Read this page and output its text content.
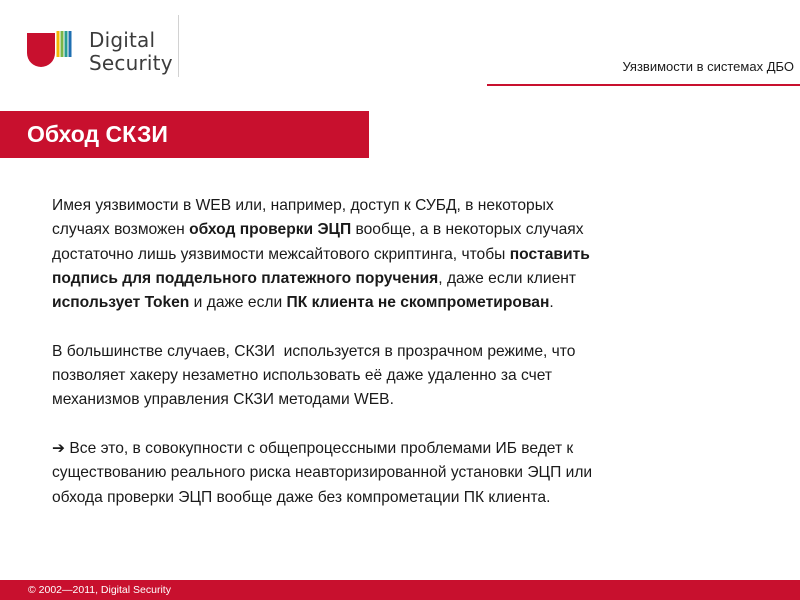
Digital
Security	Уязвимости в системах ДБО
Обход СКЗИ

Имея уязвимости в WEB или, например, доступ к СУБД, в некоторых

случаях возможен обход проверки ЭЦП вообще, а в некоторых случаях

достаточно лишь уязвимости межсайтового скриптинга, чтобы поставить

подпись для поддельного платежного поручения, даже если клиент

использует Token и даже если ПК клиента не скомпрометирован.

В большинстве случаев, СКЗИ  используется в прозрачном режиме, что

позволяет хакеру незаметно использовать её даже удаленно за счет

механизмов управления СКЗИ методами WEB.

➔ Все это, в совокупности с общепроцессными проблемами ИБ ведет к

существованию реального риска неавторизированной установки ЭЦП или

обхода проверки ЭЦП вообще даже без компрометации ПК клиента.

© 2002—2011, Digital Security
